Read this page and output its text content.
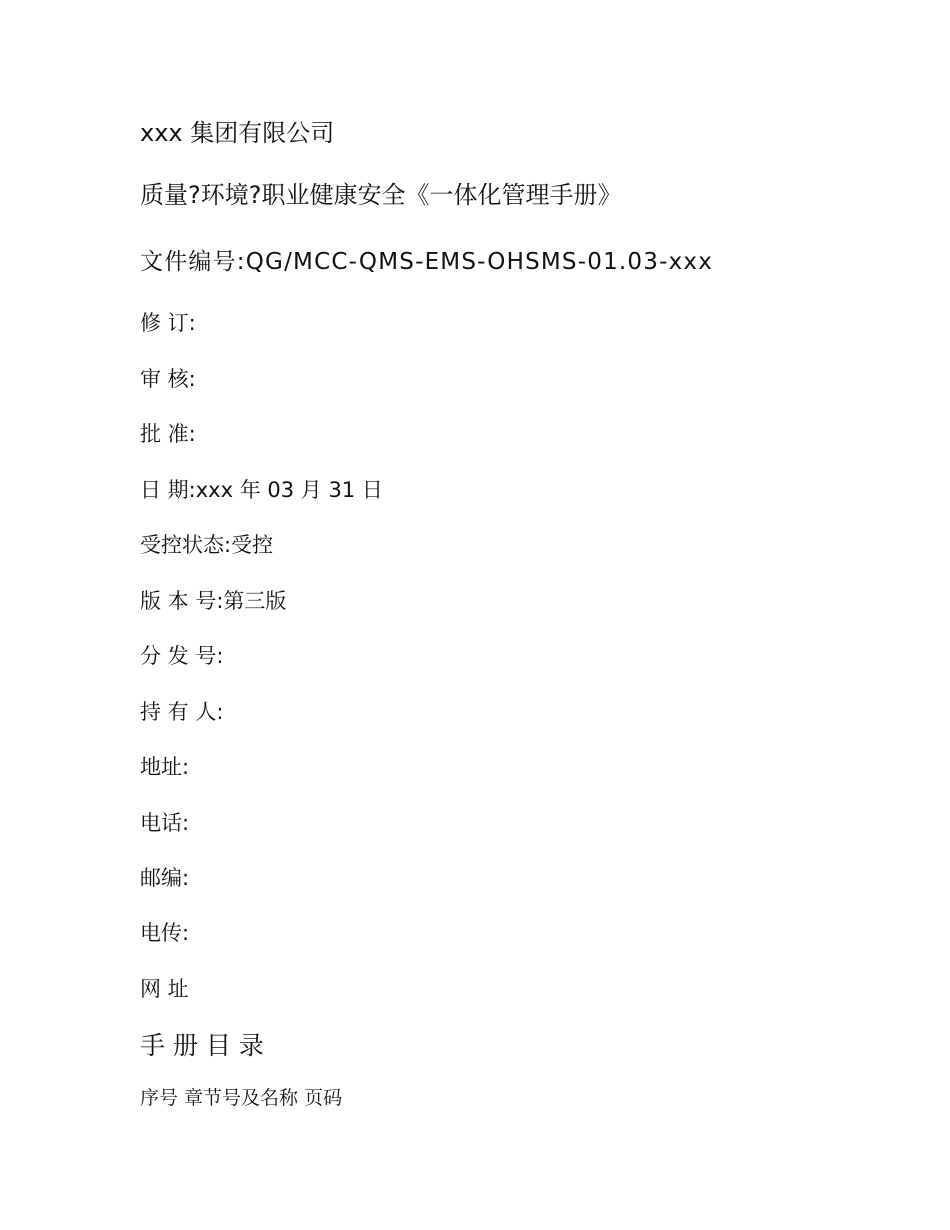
xxx 集团有限公司
质量?环境?职业健康安全《一体化管理手册》
文件编号:QG/MCC-QMS-EMS-OHSMS-01.03-xxx
修 订:
审 核:
批 准:
日 期:xxx 年 03 月 31 日
受控状态:受控
版 本 号:第三版
分 发 号:
持 有 人:
地址:
电话:
邮编:
电传:
网 址
手 册 目 录
序号 章节号及名称 页码
